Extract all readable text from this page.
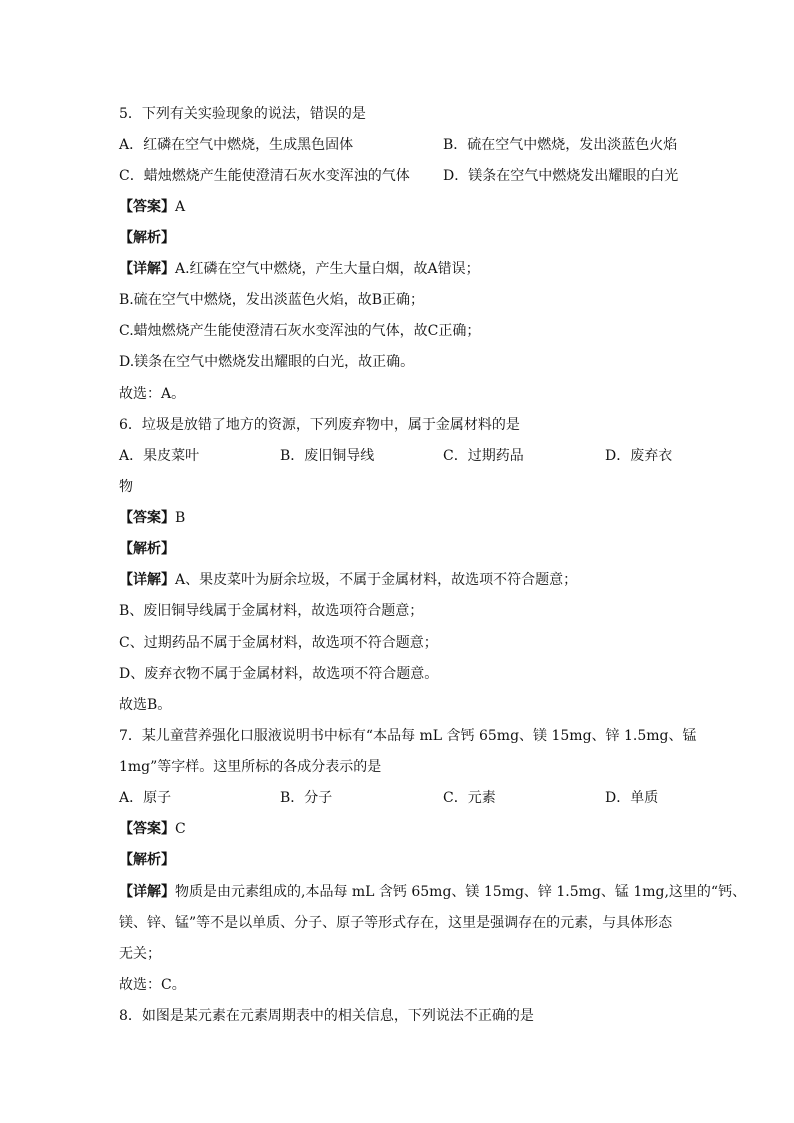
5．下列有关实验现象的说法，错误的是
A．红磷在空气中燃烧，生成黑色固体	B．硫在空气中燃烧，发出淡蓝色火焰
C．蜡烛燃烧产生能使澄清石灰水变浑浊的气体 D．镁条在空气中燃烧发出耀眼的白光
【答案】A
【解析】
【详解】A.红磷在空气中燃烧，产生大量白烟，故A错误；
B.硫在空气中燃烧，发出淡蓝色火焰，故B正确；
C.蜡烛燃烧产生能使澄清石灰水变浑浊的气体，故C正确；
D.镁条在空气中燃烧发出耀眼的白光，故正确。
故选：A。
6．垃圾是放错了地方的资源，下列废弃物中，属于金属材料的是
A．果皮菜叶	B．废旧铜导线	C．过期药品	D．废弃衣
物
【答案】B
【解析】
【详解】A、果皮菜叶为厨余垃圾，不属于金属材料，故选项不符合题意；
B、废旧铜导线属于金属材料，故选项符合题意；
C、过期药品不属于金属材料，故选项不符合题意；
D、废弃衣物不属于金属材料，故选项不符合题意。
故选B。
7．某儿童营养强化口服液说明书中标有“本品每 mL 含钙 65mg、镁 15mg、锌 1.5mg、锰
1mg”等字样。这里所标的各成分表示的是
A．原子	B．分子	C．元素	D．单质
【答案】C
【解析】
【详解】物质是由元素组成的,本品每 mL 含钙 65mg、镁 15mg、锌 1.5mg、锰 1mg,这里的“钙、
镁、锌、锰”等不是以单质、分子、原子等形式存在，这里是强调存在的元素，与具体形态
无关；
故选：C。
8．如图是某元素在元素周期表中的相关信息，下列说法不正确的是
